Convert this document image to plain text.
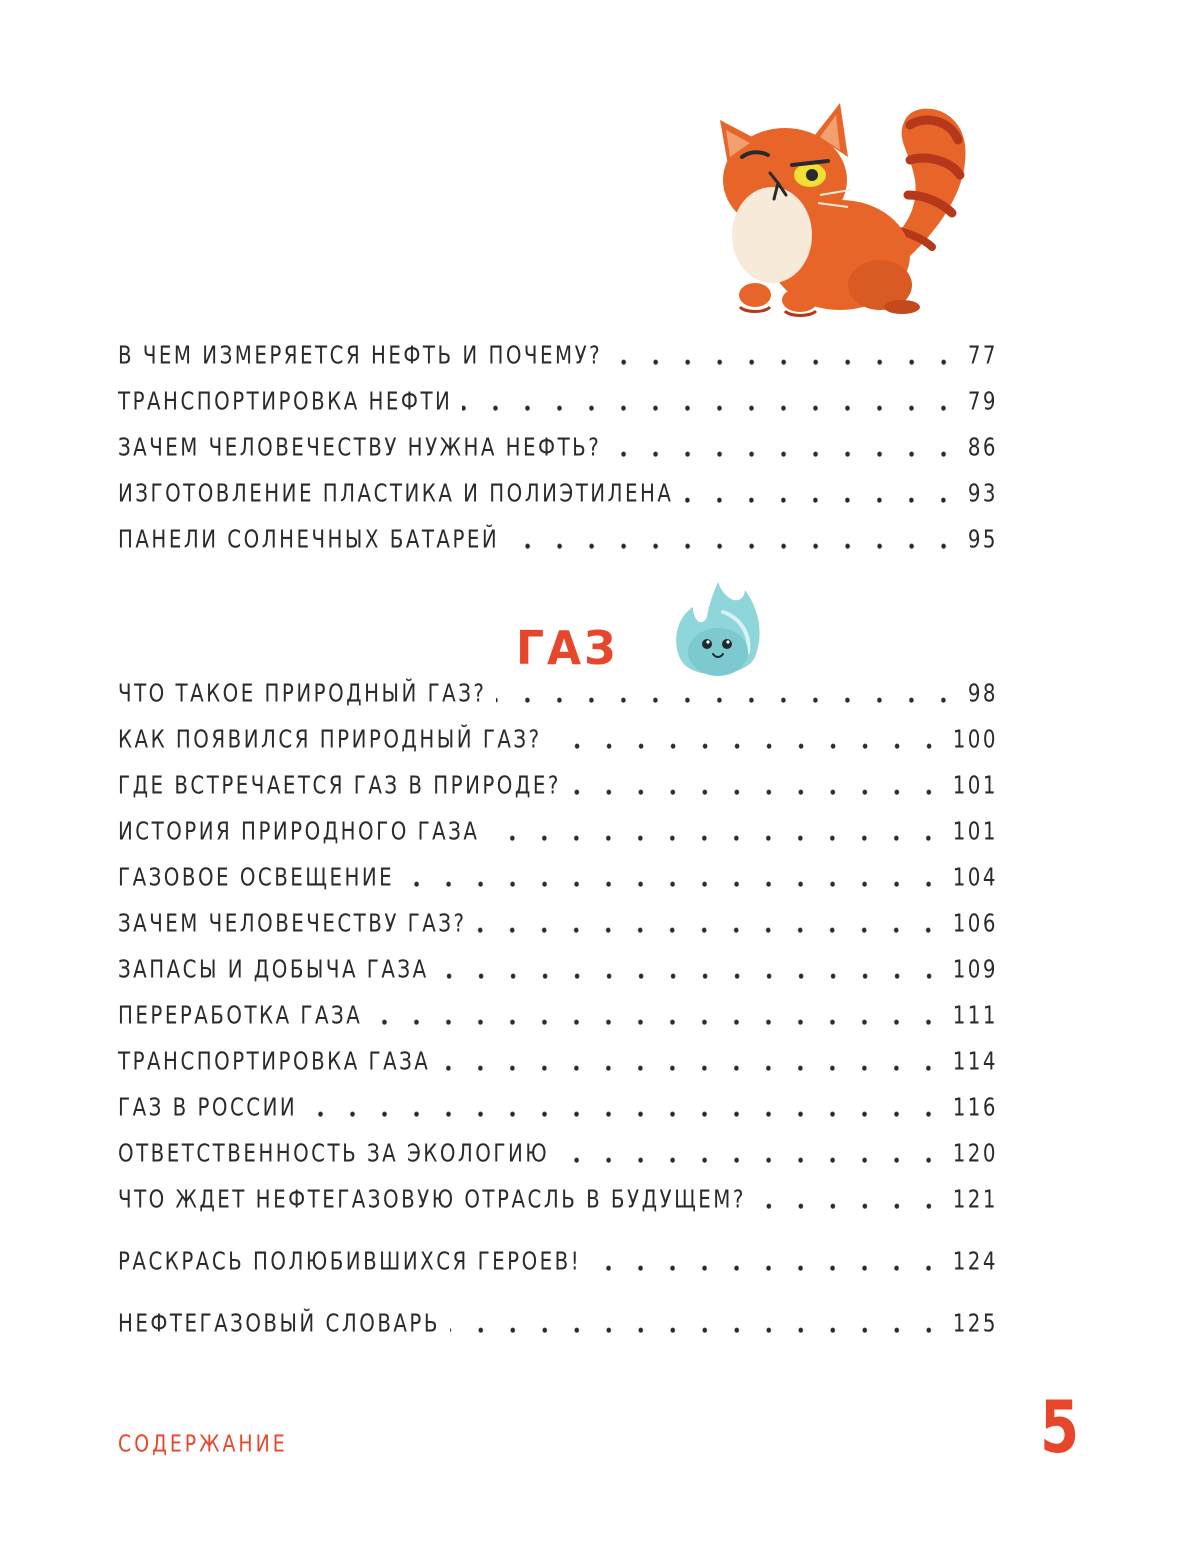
В ЧЕМ ИЗМЕРЯЕТСЯ НЕФТЬ И ПОЧЕМУ?	77
ТРАНСПОРТИРОВКА НЕФТИ	79
ЗАЧЕМ ЧЕЛОВЕЧЕСТВУ НУЖНА НЕФТЬ?	86
ИЗГОТОВЛЕНИЕ ПЛАСТИКА И ПОЛИЭТИЛЕНА	93
ПАНЕЛИ СОЛНЕЧНЫХ БАТАРЕЙ	95
ГАЗ
ЧТО ТАКОЕ ПРИРОДНЫЙ ГАЗ?	98
КАК ПОЯВИЛСЯ ПРИРОДНЫЙ ГАЗ?	100
ГДЕ ВСТРЕЧАЕТСЯ ГАЗ В ПРИРОДЕ?	101
ИСТОРИЯ ПРИРОДНОГО ГАЗА	101
ГАЗОВОЕ ОСВЕЩЕНИЕ	104
ЗАЧЕМ ЧЕЛОВЕЧЕСТВУ ГАЗ?	106
ЗАПАСЫ И ДОБЫЧА ГАЗА	109
ПЕРЕРАБОТКА ГАЗА	111
ТРАНСПОРТИРОВКА ГАЗА	114
ГАЗ В РОССИИ	116
ОТВЕТСТВЕННОСТЬ ЗА ЭКОЛОГИЮ	120
ЧТО ЖДЕТ НЕФТЕГАЗОВУЮ ОТРАСЛЬ В БУДУЩЕМ?	121
РАСКРАСЬ ПОЛЮБИВШИХСЯ ГЕРОЕВ!	124
НЕФТЕГАЗОВЫЙ СЛОВАРЬ	125
СОДЕРЖАНИЕ	5
